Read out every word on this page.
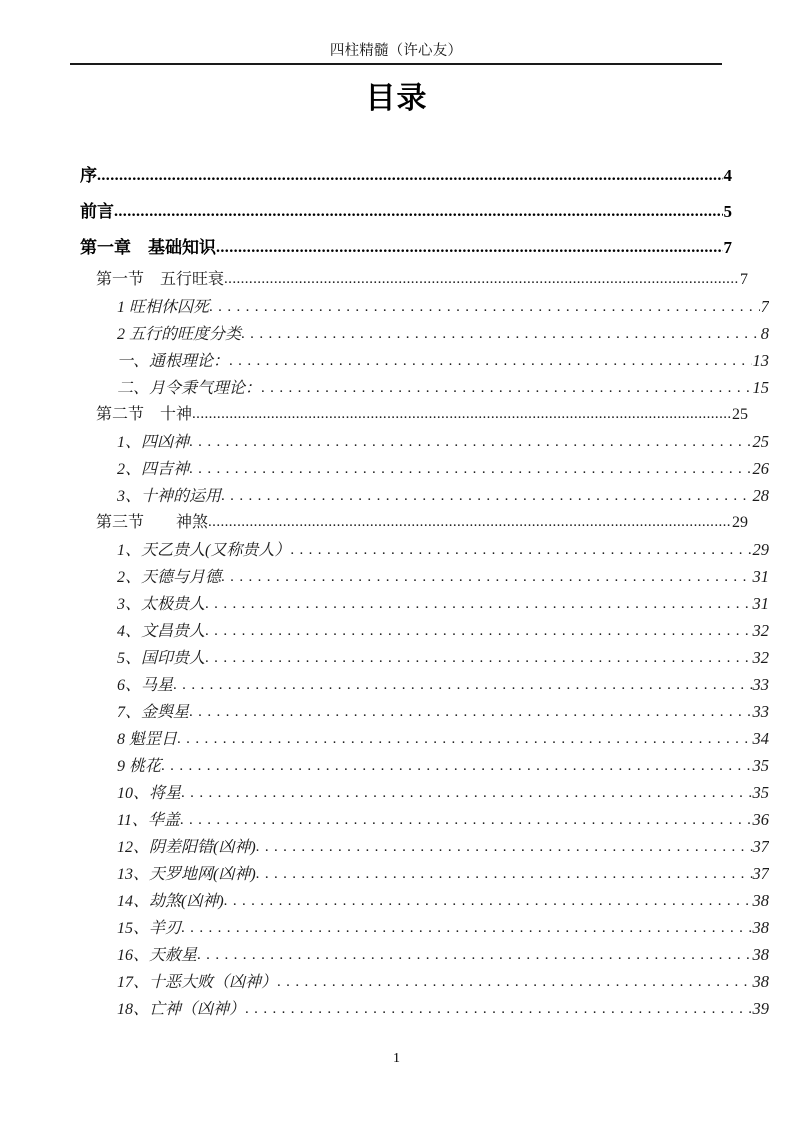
四柱精髓（许心友）
目录
序 .....	4
前言 .....	5
第一章　基础知识 .....	7
第一节　五行旺衰 .....	7
1 旺相休囚死 .....	7
2 五行的旺度分类 .....	8
一、通根理论： .....	13
二、月令秉气理论： .....	15
第二节　十神 .....	25
1、四凶神 .....	25
2、四吉神 .....	26
3、十神的运用 .....	28
第三节　　神煞 .....	29
1、天乙贵人(又称贵人） .....	29
2、天德与月德 .....	31
3、太极贵人 .....	31
4、文昌贵人 .....	32
5、国印贵人 .....	32
6、马星 .....	33
7、金舆星 .....	33
8 魁罡日 .....	34
9 桃花 .....	35
10、将星 .....	35
11、华盖 .....	36
12、阴差阳错(凶神) .....	37
13、天罗地网(凶神) .....	37
14、劫煞(凶神) .....	38
15、羊刃 .....	38
16、天赦星 .....	38
17、十恶大败（凶神） .....	38
18、亡神（凶神） .....	39
1
